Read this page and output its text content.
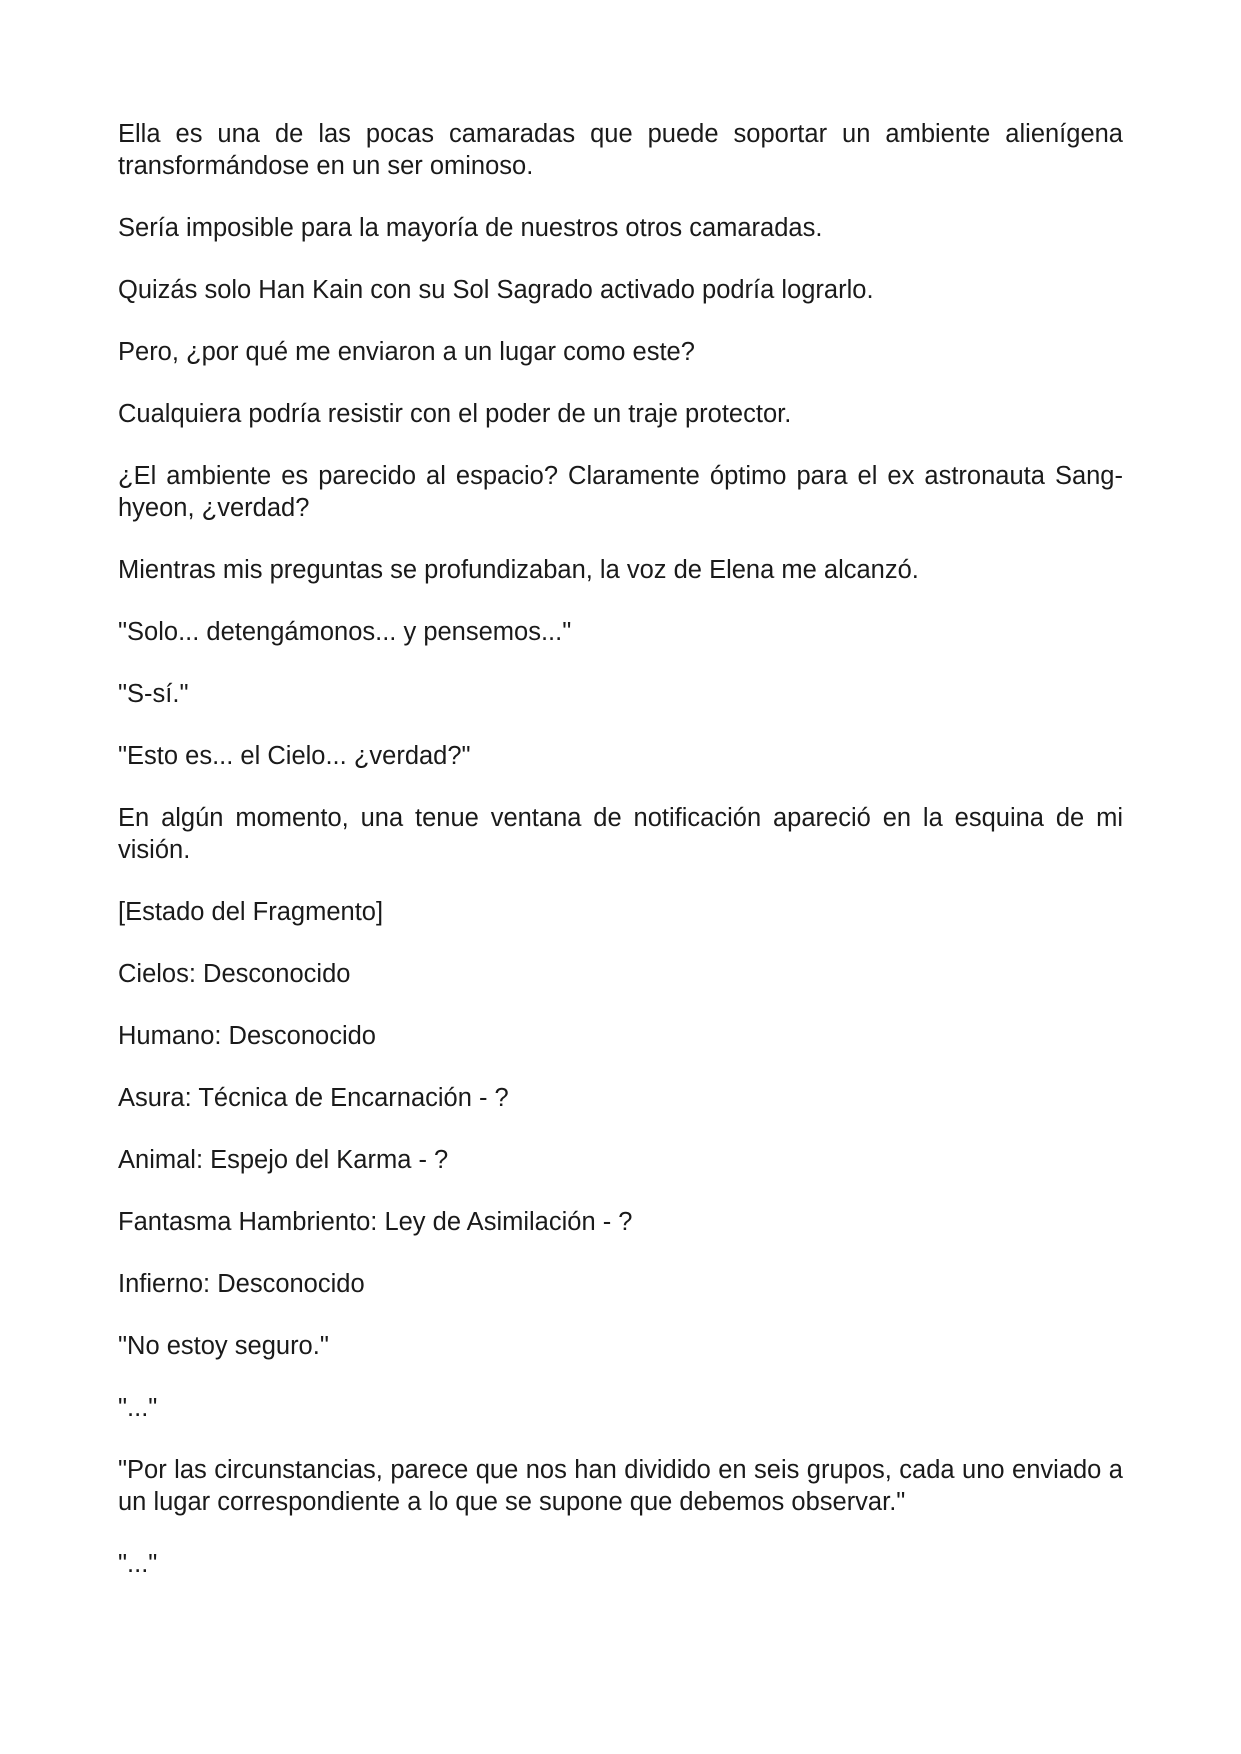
Ella es una de las pocas camaradas que puede soportar un ambiente alienígena transformándose en un ser ominoso.

Sería imposible para la mayoría de nuestros otros camaradas.

Quizás solo Han Kain con su Sol Sagrado activado podría lograrlo.

Pero, ¿por qué me enviaron a un lugar como este?

Cualquiera podría resistir con el poder de un traje protector.

¿El ambiente es parecido al espacio? Claramente óptimo para el ex astronauta Sang-hyeon, ¿verdad?

Mientras mis preguntas se profundizaban, la voz de Elena me alcanzó.

"Solo... detengámonos... y pensemos..."

"S-sí."

"Esto es... el Cielo... ¿verdad?"

En algún momento, una tenue ventana de notificación apareció en la esquina de mi visión.

[Estado del Fragmento]

Cielos: Desconocido

Humano: Desconocido

Asura: Técnica de Encarnación - ?

Animal: Espejo del Karma - ?

Fantasma Hambriento: Ley de Asimilación - ?

Infierno: Desconocido

"No estoy seguro."

"..."

"Por las circunstancias, parece que nos han dividido en seis grupos, cada uno enviado a un lugar correspondiente a lo que se supone que debemos observar."

"..."
